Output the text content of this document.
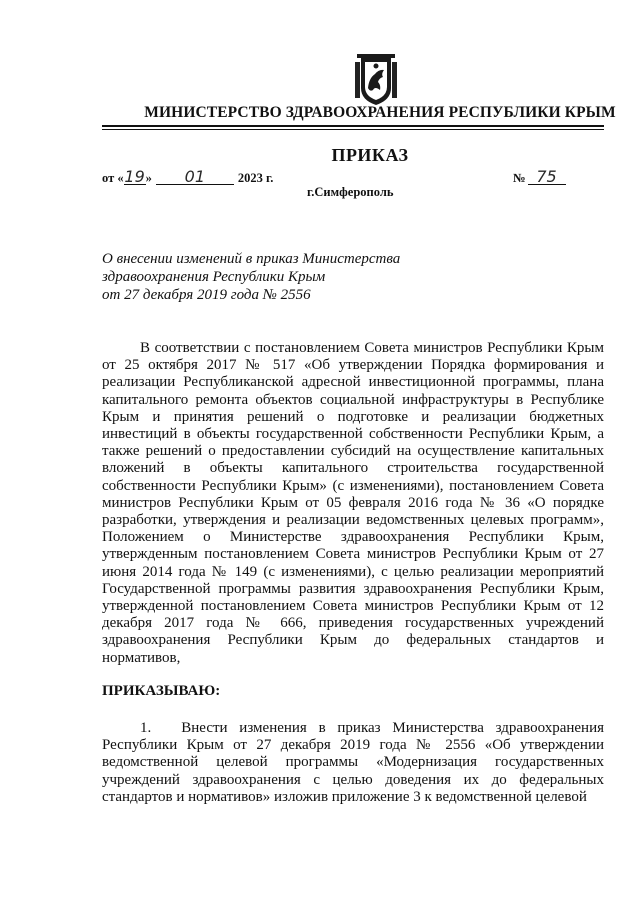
МИНИСТЕРСТВО ЗДРАВООХРАНЕНИЯ РЕСПУБЛИКИ КРЫМ
ПРИКАЗ
от « 19 »	01	2023 г.	№ 75
г.Симферополь
О внесении изменений в приказ Министерства
здравоохранения Республики Крым
от 27 декабря 2019 года № 2556

В соответствии с постановлением Совета министров Республики Крым от 25 октября 2017 № 517 «Об утверждении Порядка формирования и реализации Республиканской адресной инвестиционной программы, плана капитального ремонта объектов социальной инфраструктуры в Республике Крым и принятия решений о подготовке и реализации бюджетных инвестиций в объекты государственной собственности Республики Крым, а также решений о предоставлении субсидий на осуществление капитальных вложений в объекты капитального строительства государственной собственности Республики Крым» (с изменениями), постановлением Совета министров Республики Крым от 05 февраля 2016 года № 36 «О порядке разработки, утверждения и реализации ведомственных целевых программ», Положением о Министерстве здравоохранения Республики Крым, утвержденным постановлением Совета министров Республики Крым от 27 июня 2014 года № 149 (с изменениями), с целью реализации мероприятий Государственной программы развития здравоохранения Республики Крым, утвержденной постановлением Совета министров Республики Крым от 12 декабря 2017 года № 666, приведения государственных учреждений здравоохранения Республики Крым до федеральных стандартов и нормативов,

ПРИКАЗЫВАЮ:

1. Внести изменения в приказ Министерства здравоохранения Республики Крым от 27 декабря 2019 года № 2556 «Об утверждении ведомственной целевой программы «Модернизация государственных учреждений здравоохранения с целью доведения их до федеральных стандартов и нормативов» изложив приложение 3 к ведомственной целевой
